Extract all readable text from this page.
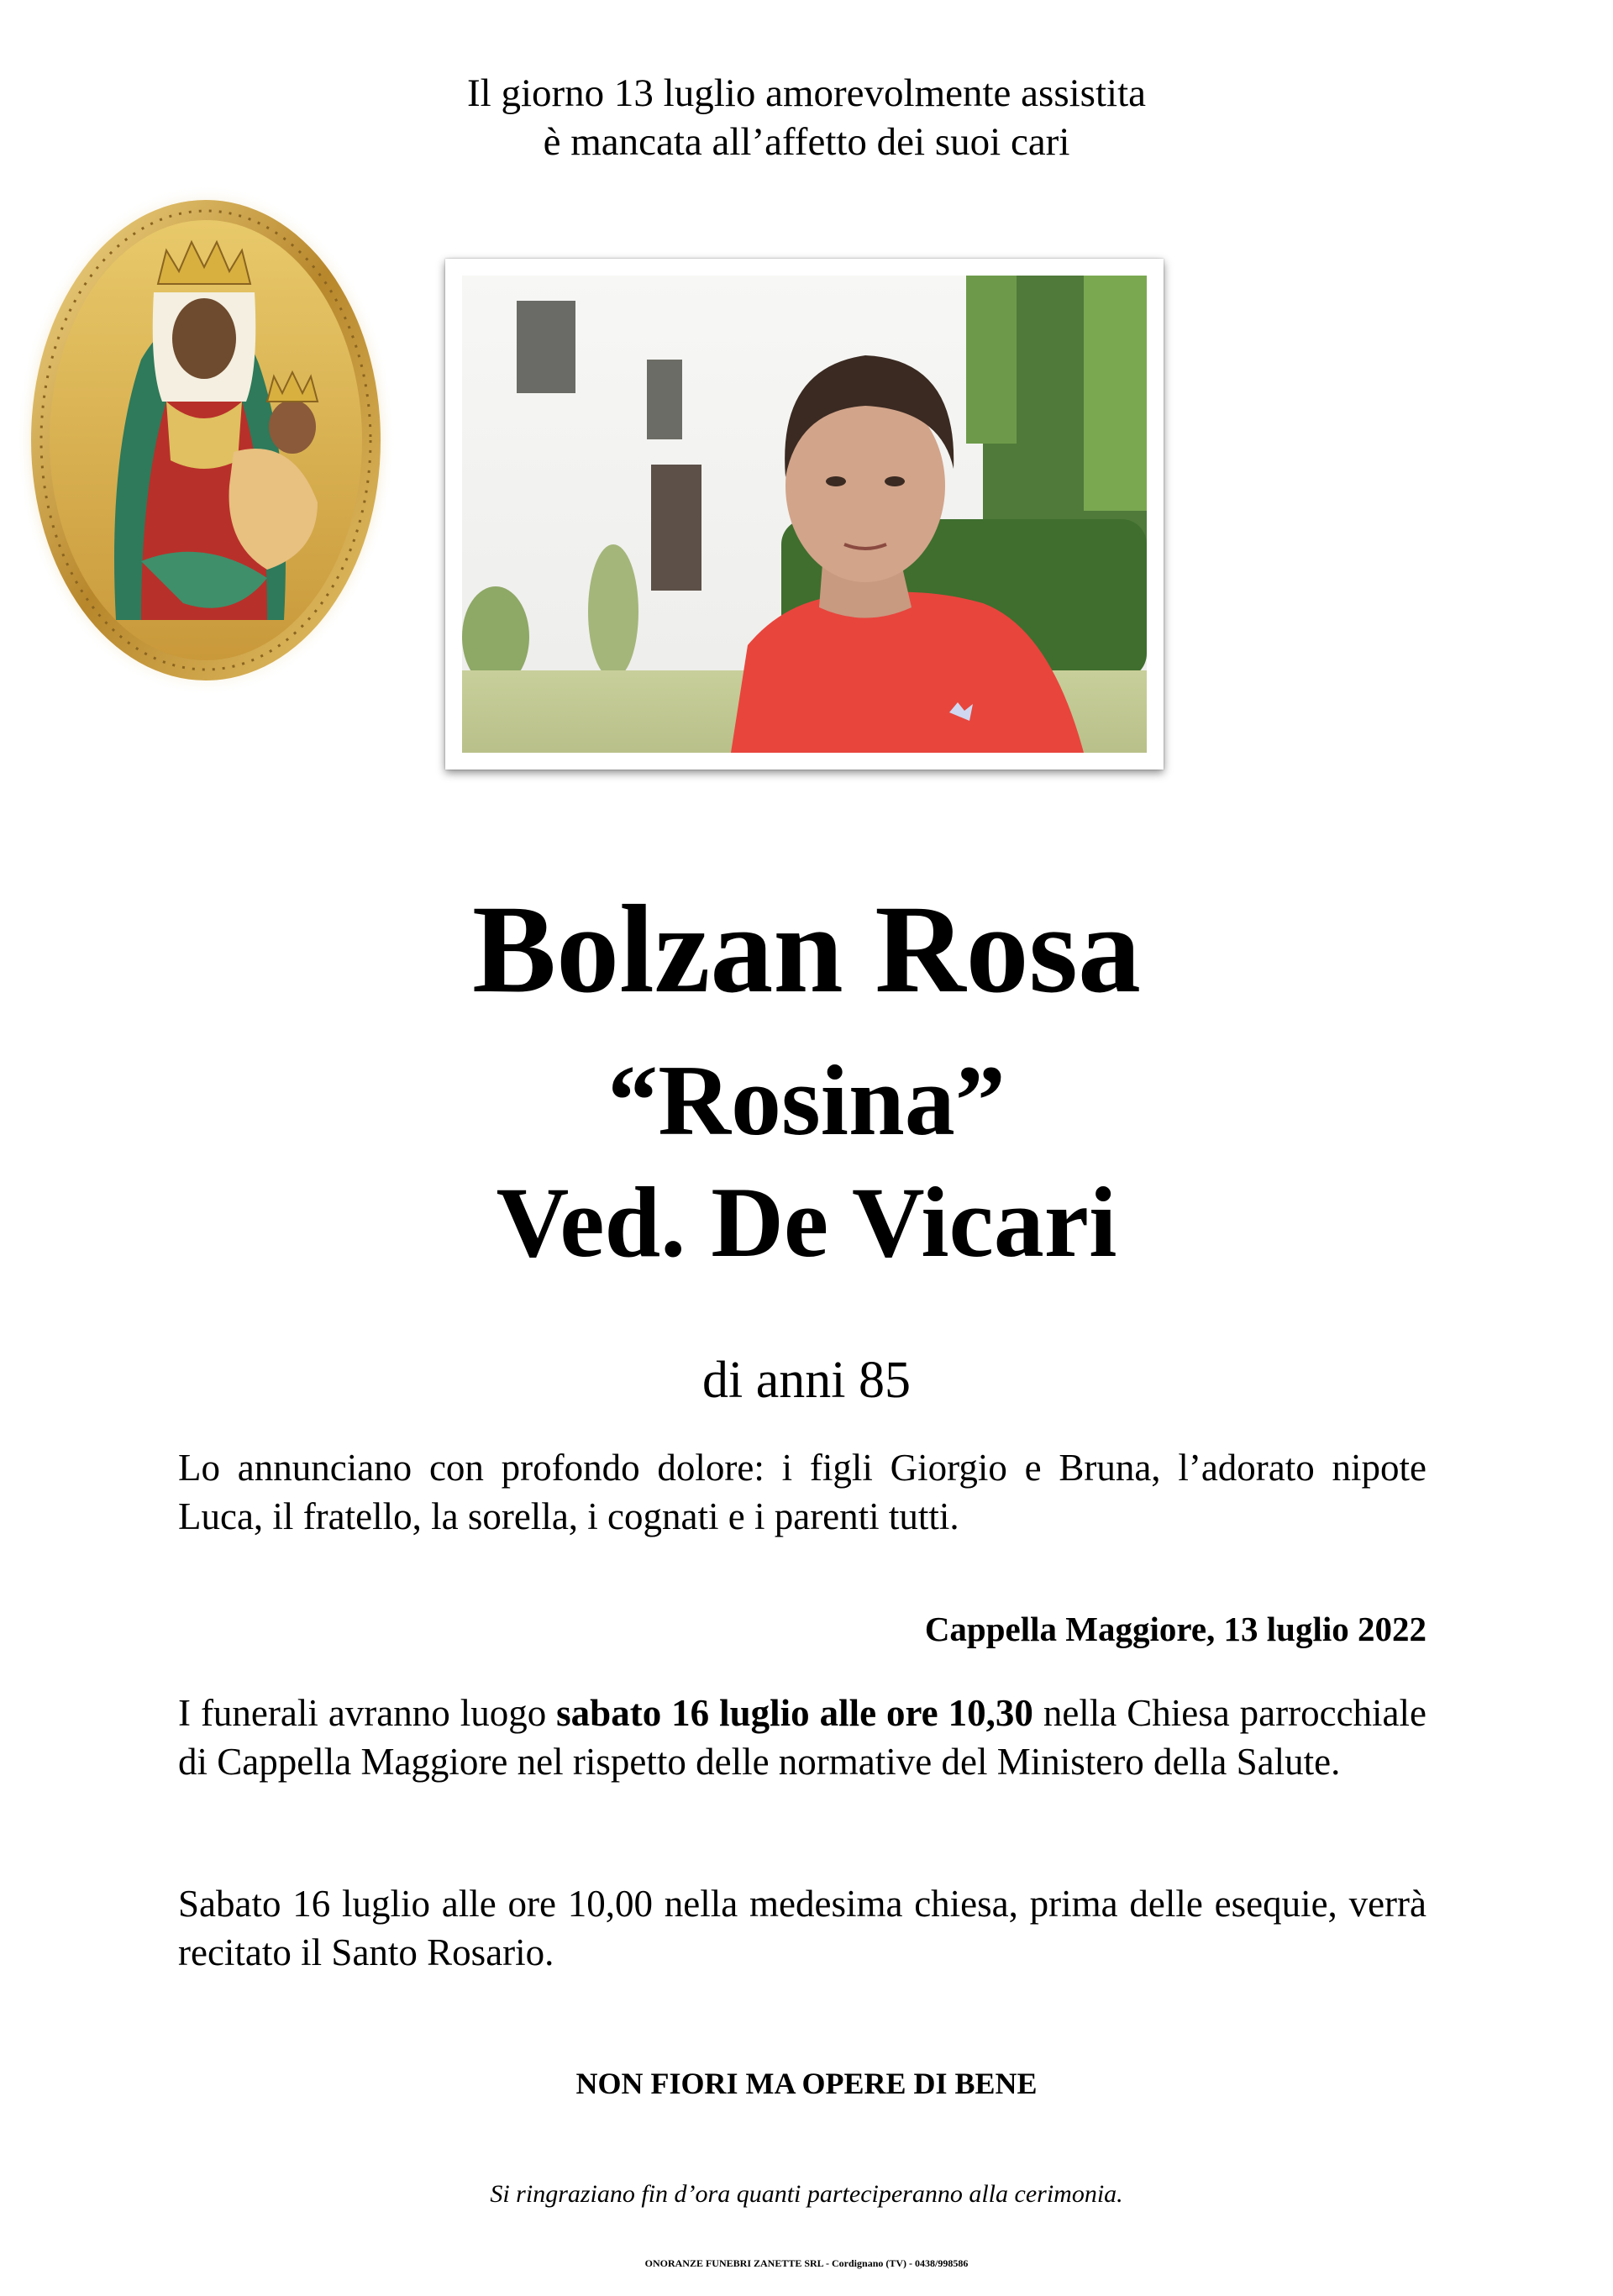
Il giorno 13 luglio amorevolmente assistita
è mancata all’affetto dei suoi cari
Bolzan Rosa
“Rosina”
Ved. De Vicari
di anni 85
Lo annunciano con profondo dolore: i figli Giorgio e Bruna, l’adorato nipote Luca, il fratello, la sorella, i cognati e i parenti tutti.
Cappella Maggiore, 13 luglio 2022
I funerali avranno luogo sabato 16 luglio alle ore 10,30 nella Chiesa parrocchiale di Cappella Maggiore nel rispetto delle normative del Ministero della Salute.
Sabato 16 luglio alle ore 10,00 nella medesima chiesa, prima delle esequie, verrà recitato il Santo Rosario.
NON FIORI MA OPERE DI BENE
Si ringraziano fin d’ora quanti parteciperanno alla cerimonia.
ONORANZE FUNEBRI ZANETTE SRL - Cordignano (TV) - 0438/998586
